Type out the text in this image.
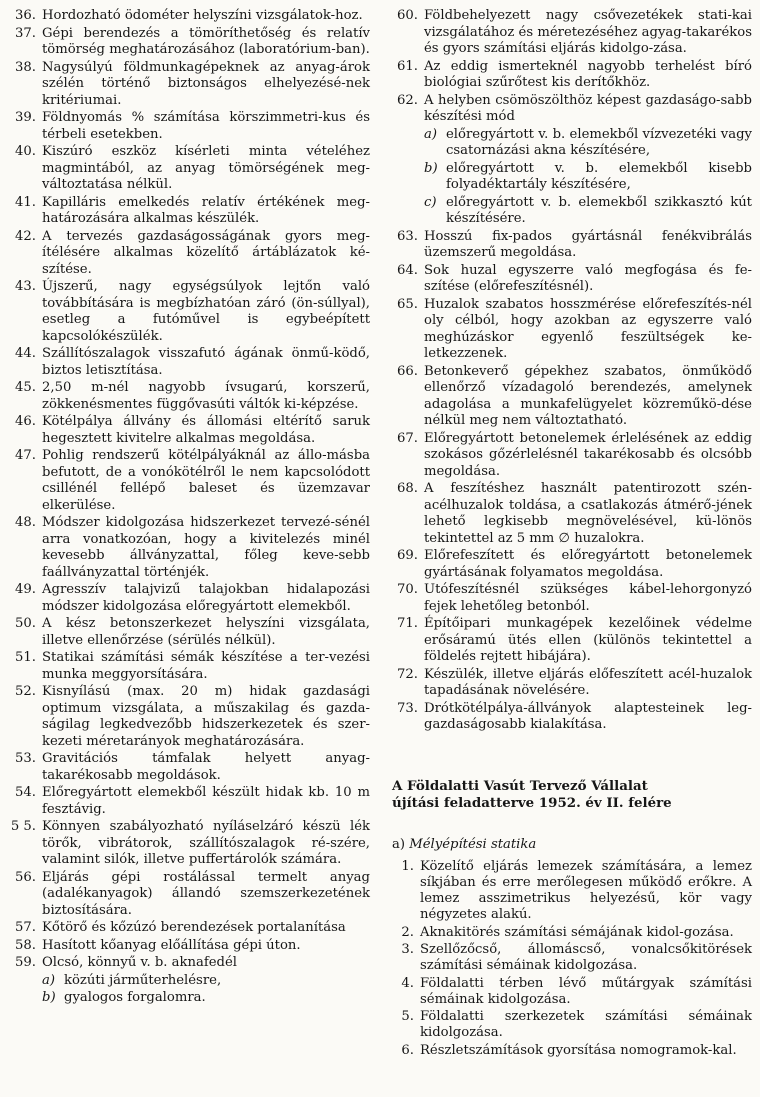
36. Hordozható ödométer helyszíni vizsgálatok-hoz.
37. Gépi berendezés a tömöríthetőség és relatív tömörség meghatározásához (laboratórium-ban).
38. Nagysúlyú földmunkagépeknek az anyag-árok szélén történő biztonságos elhelyezésé-nek kritériumai.
39. Földnyomás % számítása körszimmetri-kus és térbeli esetekben.
40. Kiszúró eszköz kísérleti minta vételéhez magmintából, az anyag tömörségének meg-változtatása nélkül.
41. Kapilláris emelkedés relatív értékének meg-határozására alkalmas készülék.
42. A tervezés gazdaságosságának gyors meg-ítélésére alkalmas közelítő ártáblázatok ké-szítése.
43. Újszerű, nagy egységsúlyok lejtőn való továbbítására is megbízhatóan záró (ön-súllyal), esetleg a futóművel is egybeépített kapcsolókészülék.
44. Szállítószalagok visszafutó ágának önmű-ködő, biztos letisztítása.
45. 2,50 m-nél nagyobb ívsugarú, korszerű, zökkenésmentes függővasúti váltók ki-képzése.
46. Kötélpálya állvány és állomási eltérítő saruk hegesztett kivitelre alkalmas megoldása.
47. Pohlig rendszerű kötélpályáknál az állo-másba befutott, de a vonókötélről le nem kapcsolódott csillénél fellépő baleset és üzemzavar elkerülése.
48. Módszer kidolgozása hidszerkezet tervezé-sénél arra vonatkozóan, hogy a kivitelezés minél kevesebb állványzattal, főleg keve-sebb faállványzattal történjék.
49. Agresszív talajvizű talajokban hidalapozási módszer kidolgozása előregyártott elemekből.
50. A kész betonszerkezet helyszíni vizsgálata, illetve ellenőrzése (sérülés nélkül).
51. Statikai számítási sémák készítése a ter-vezési munka meggyorsítására.
52. Kisnyílású (max. 20 m) hidak gazdasági optimum vizsgálata, a műszakilag és gazda-ságilag legkedvezőbb hidszerkezetek és szer-kezeti méretarányok meghatározására.
53. Gravitációs támfalak helyett anyag-takarékosabb megoldások.
54. Előregyártott elemekből készült hidak kb. 10 m fesztávig.
5 5. Könnyen szabályozható nyíláselzáró készü lék törők, vibrátorok, szállítószalagok ré-szére, valamint silók, illetve puffertárolók számára.
56. Eljárás gépi rostálással termelt anyag (adalékanyagok) állandó szemszerkezetének biztosítására.
57. Kőtörő és kőzúzó berendezések portalanítása
58. Hasított kőanyag előállítása gépi úton.
59. Olcsó, könnyű v. b. aknafedél
a) közúti járműterhelésre,
b) gyalogos forgalomra.
60. Földbehelyezett nagy csővezetékek stati-kai vizsgálatához és méretezéséhez agyag-takarékos és gyors számítási eljárás kidolgo-zása.
61. Az eddig ismerteknél nagyobb terhelést bíró biológiai szűrőtest kis derítőkhöz.
62. A helyben csömöszölthöz képest gazdaságo-sabb készítési mód
a) előregyártott v. b. elemekből vízvezetéki vagy csatornázási akna készítésére,
b) előregyártott v. b. elemekből kisebb folyadéktartály készítésére,
c) előregyártott v. b. elemekből szikkasztó kút készítésére.
63. Hosszú fix-pados gyártásnál fenékvibrálás üzemszerű megoldása.
64. Sok huzal egyszerre való megfogása és fe-szítése (előrefeszítésnél).
65. Huzalok szabatos hosszmérése előrefeszítés-nél oly célból, hogy azokban az egyszerre való meghúzáskor egyenlő feszültségek ke-letkezzenek.
66. Betonkeverő gépekhez szabatos, önműködő ellenőrző vízadagoló berendezés, amelynek adagolása a munkafelügyelet közreműkö-dése nélkül meg nem változtatható.
67. Előregyártott betonelemek érlelésének az eddig szokásos gőzérlelésnél takarékosabb és olcsóbb megoldása.
68. A feszítéshez használt patentirozott szén-acélhuzalok toldása, a csatlakozás átmérő-jének lehető legkisebb megnövelésével, kü-lönös tekintettel az 5 mm ∅ huzalokra.
69. Előrefeszített és előregyártott betonelemek gyártásának folyamatos megoldása.
70. Utófeszítésnél szükséges kábel-lehorgonyzó fejek lehetőleg betonból.
71. Építőipari munkagépek kezelőinek védelme erősáramú ütés ellen (különös tekintettel a földelés rejtett hibájára).
72. Készülék, illetve eljárás előfeszített acél-huzalok tapadásának növelésére.
73. Drótkötélpálya-állványok alaptesteinek leg-gazdaságosabb kialakítása.
A Földalatti Vasút Tervező Vállalat
újítási feladatterve 1952. év II. felére
a) Mélyépítési statika
1. Közelítő eljárás lemezek számítására, a lemez síkjában és erre merőlegesen működő erőkre. A lemez asszimetrikus helyezésű, kör vagy négyzetes alakú.
2. Aknakitörés számítási sémájának kidol-gozása.
3. Szellőzőcső, állomáscső, vonalcsőkitörések számítási sémáinak kidolgozása.
4. Földalatti térben lévő műtárgyak számítási sémáinak kidolgozása.
5. Földalatti szerkezetek számítási sémáinak kidolgozása.
6. Részletszámítások gyorsítása nomogramok-kal.
